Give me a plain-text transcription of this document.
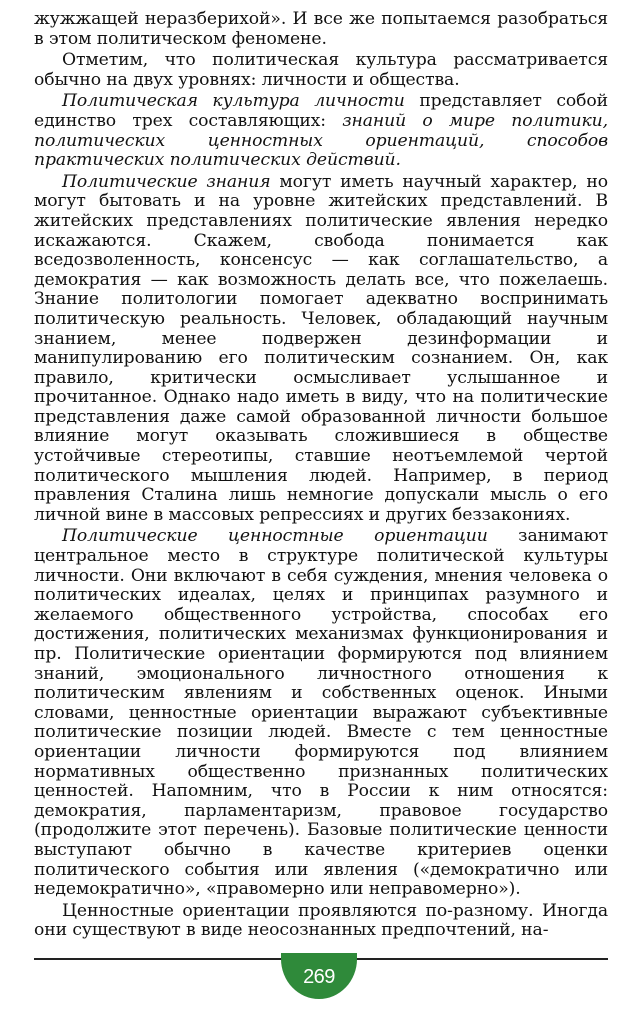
жужжащей неразберихой». И все же попытаемся разобраться в этом политическом феномене.

Отметим, что политическая культура рассматривается обычно на двух уровнях: личности и общества.

Политическая культура личности представляет собой единство трех составляющих: знаний о мире политики, политических ценностных ориентаций, способов практических политических действий.

Политические знания могут иметь научный характер, но могут бытовать и на уровне житейских представлений. В житейских представлениях политические явления нередко искажаются. Скажем, свобода понимается как вседозволенность, консенсус — как соглашательство, а демократия — как возможность делать все, что пожелаешь. Знание политологии помогает адекватно воспринимать политическую реальность. Человек, обладающий научным знанием, менее подвержен дезинформации и манипулированию его политическим сознанием. Он, как правило, критически осмысливает услышанное и прочитанное. Однако надо иметь в виду, что на политические представления даже самой образованной личности большое влияние могут оказывать сложившиеся в обществе устойчивые стереотипы, ставшие неотъемлемой чертой политического мышления людей. Например, в период правления Сталина лишь немногие допускали мысль о его личной вине в массовых репрессиях и других беззакониях.

Политические ценностные ориентации занимают центральное место в структуре политической культуры личности. Они включают в себя суждения, мнения человека о политических идеалах, целях и принципах разумного и желаемого общественного устройства, способах его достижения, политических механизмах функционирования и пр. Политические ориентации формируются под влиянием знаний, эмоционального личностного отношения к политическим явлениям и собственных оценок. Иными словами, ценностные ориентации выражают субъективные политические позиции людей. Вместе с тем ценностные ориентации личности формируются под влиянием нормативных общественно признанных политических ценностей. Напомним, что в России к ним относятся: демократия, парламентаризм, правовое государство (продолжите этот перечень). Базовые политические ценности выступают обычно в качестве критериев оценки политического события или явления («демократично или недемократично», «правомерно или неправомерно»).

Ценностные ориентации проявляются по-разному. Иногда они существуют в виде неосознанных предпочтений, на-

269
